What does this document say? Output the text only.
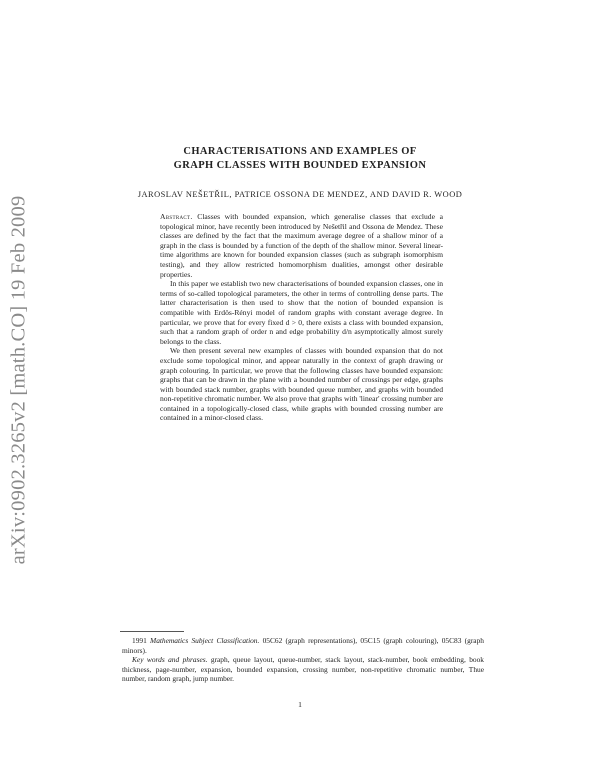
arXiv:0902.3265v2 [math.CO] 19 Feb 2009
CHARACTERISATIONS AND EXAMPLES OF
GRAPH CLASSES WITH BOUNDED EXPANSION
JAROSLAV NEŠETŘIL, PATRICE OSSONA DE MENDEZ, AND DAVID R. WOOD

Abstract. Classes with bounded expansion, which generalise classes that exclude a topological minor, have recently been introduced by Nešetřil and Ossona de Mendez. These classes are defined by the fact that the maximum average degree of a shallow minor of a graph in the class is bounded by a function of the depth of the shallow minor. Several linear-time algorithms are known for bounded expansion classes (such as subgraph isomorphism testing), and they allow restricted homomorphism dualities, amongst other desirable properties.

In this paper we establish two new characterisations of bounded expansion classes, one in terms of so-called topological parameters, the other in terms of controlling dense parts. The latter characterisation is then used to show that the notion of bounded expansion is compatible with Erdös-Rényi model of random graphs with constant average degree. In particular, we prove that for every fixed d > 0, there exists a class with bounded expansion, such that a random graph of order n and edge probability d/n asymptotically almost surely belongs to the class.

We then present several new examples of classes with bounded expansion that do not exclude some topological minor, and appear naturally in the context of graph drawing or graph colouring. In particular, we prove that the following classes have bounded expansion: graphs that can be drawn in the plane with a bounded number of crossings per edge, graphs with bounded stack number, graphs with bounded queue number, and graphs with bounded non-repetitive chromatic number. We also prove that graphs with 'linear' crossing number are contained in a topologically-closed class, while graphs with bounded crossing number are contained in a minor-closed class.

1991 Mathematics Subject Classification. 05C62 (graph representations), 05C15 (graph colouring), 05C83 (graph minors).

Key words and phrases. graph, queue layout, queue-number, stack layout, stack-number, book embedding, book thickness, page-number, expansion, bounded expansion, crossing number, non-repetitive chromatic number, Thue number, random graph, jump number.

1
